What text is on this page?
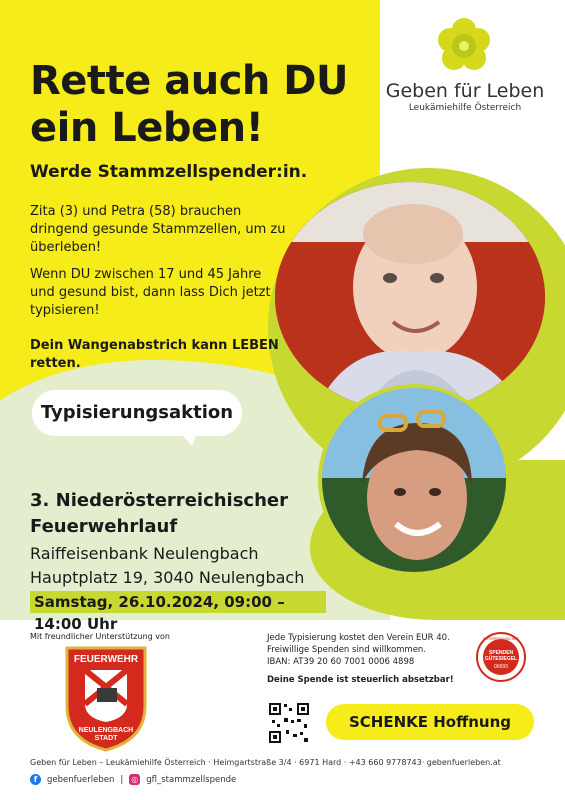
Geben für Leben
Leukämiehilfe Österreich
Rette auch DU ein Leben!
Werde Stammzellspender:in.

Zita (3) und Petra (58) brauchen dringend gesunde Stammzellen, um zu überleben!

Wenn DU zwischen 17 und 45 Jahre und gesund bist, dann lass Dich jetzt typisieren!

Dein Wangenabstrich kann LEBEN retten.

Typisierungsaktion
3. Niederösterreichischer Feuerwehrlauf
Raiffeisenbank Neulengbach
Hauptplatz 19, 3040 Neulengbach
Samstag, 26.10.2024, 09:00 – 14:00 Uhr
Mit freundlicher Unterstützung von
FEUERWEHR
NEULENGBACH
STADT
Jede Typisierung kostet den Verein EUR 40.
Freiwillige Spenden sind willkommen.
IBAN: AT39 20 60 7001 0006 4898
Deine Spende ist steuerlich absetzbar!
ÖSTERREICHISCHES
SPENDEN
GÜTESIEGEL
06093
SCHENKE Hoffnung
Geben für Leben – Leukämiehilfe Österreich · Heimgartstraße 3/4 · 6971 Hard · +43 660 9778743· gebenfuerleben.at
f	gebenfuerleben | ◎ gfl_stammzellspende
